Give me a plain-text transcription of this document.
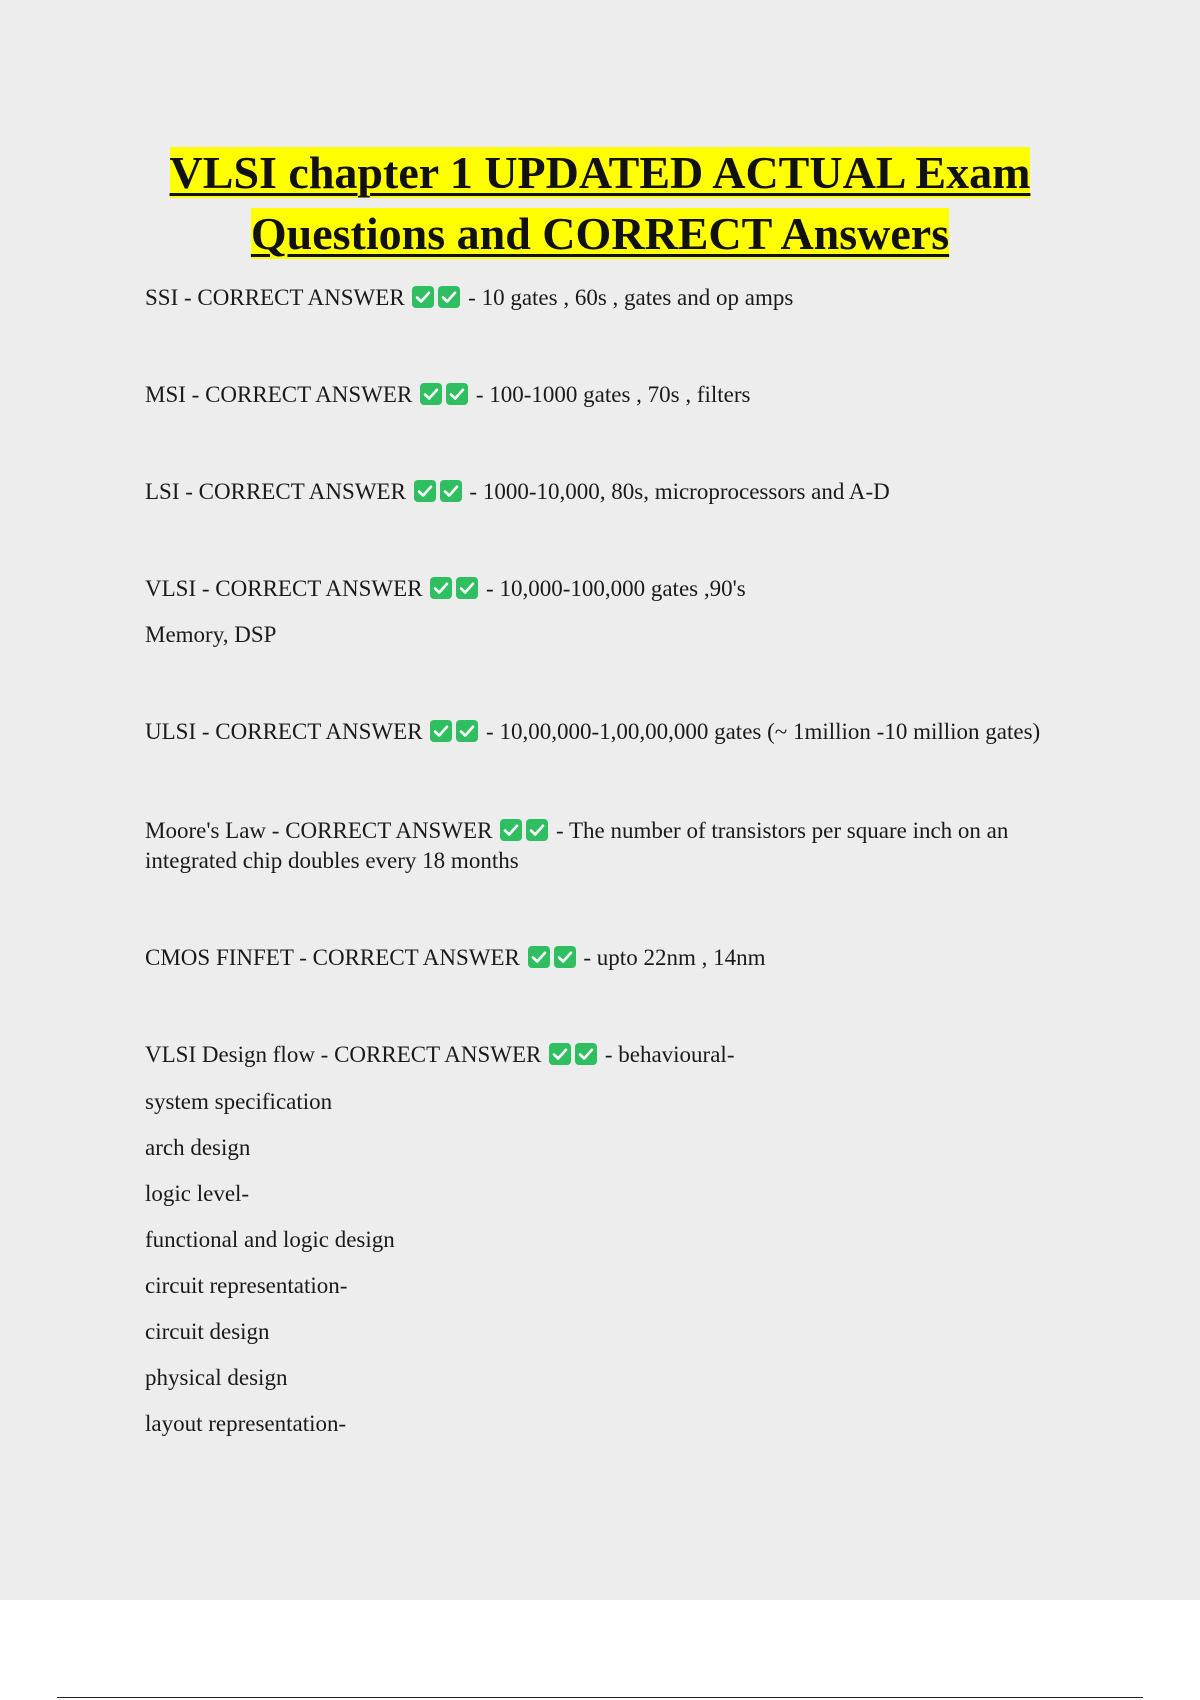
VLSI chapter 1 UPDATED ACTUAL Exam
Questions and CORRECT Answers
SSI - CORRECT ANSWER	- 10 gates , 60s , gates and op amps
MSI - CORRECT ANSWER	- 100-1000 gates , 70s , filters
LSI - CORRECT ANSWER	- 1000-10,000, 80s, microprocessors and A-D
VLSI - CORRECT ANSWER	- 10,000-100,000 gates ,90's
Memory, DSP
ULSI - CORRECT ANSWER	- 10,00,000-1,00,00,000 gates (~ 1million -10 million gates)
Moore's Law - CORRECT ANSWER	- The number of transistors per square inch on an
integrated chip doubles every 18 months
CMOS FINFET - CORRECT ANSWER	- upto 22nm , 14nm
VLSI Design flow - CORRECT ANSWER	- behavioural-
system specification
arch design
logic level-
functional and logic design
circuit representation-
circuit design
physical design
layout representation-
